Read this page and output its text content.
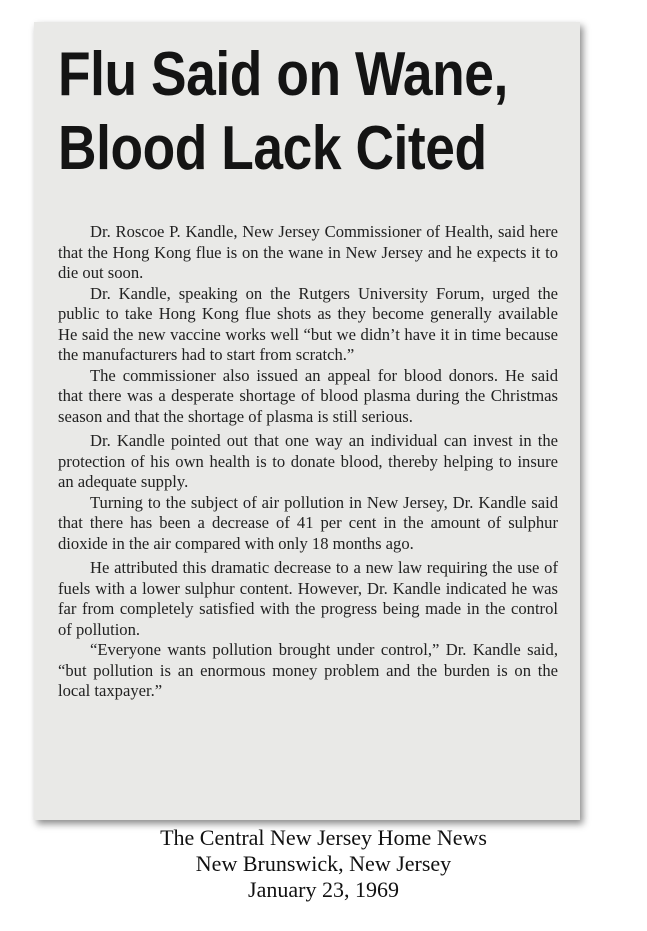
Flu Said on Wane,
Blood Lack Cited

Dr. Roscoe P. Kandle, New Jersey Commissioner of Health, said here that the Hong Kong flue is on the wane in New Jersey and he expects it to die out soon.

Dr. Kandle, speaking on the Rutgers University Forum, urged the public to take Hong Kong flue shots as they become generally available He said the new vaccine works well “but we didn’t have it in time because the manufacturers had to start from scratch.”

The commissioner also issued an appeal for blood donors. He said that there was a desperate shortage of blood plasma during the Christmas season and that the shortage of plasma is still serious.

Dr. Kandle pointed out that one way an individual can invest in the protection of his own health is to donate blood, thereby helping to insure an adequate supply.

Turning to the subject of air pollution in New Jersey, Dr. Kandle said that there has been a decrease of 41 per cent in the amount of sulphur dioxide in the air compared with only 18 months ago.

He attributed this dramatic decrease to a new law requiring the use of fuels with a lower sulphur content. However, Dr. Kandle indicated he was far from completely satisfied with the progress being made in the control of pollution.

“Everyone wants pollution brought under control,” Dr. Kandle said, “but pollution is an enormous money problem and the burden is on the local taxpayer.”

The Central New Jersey Home News
New Brunswick, New Jersey
January 23, 1969
